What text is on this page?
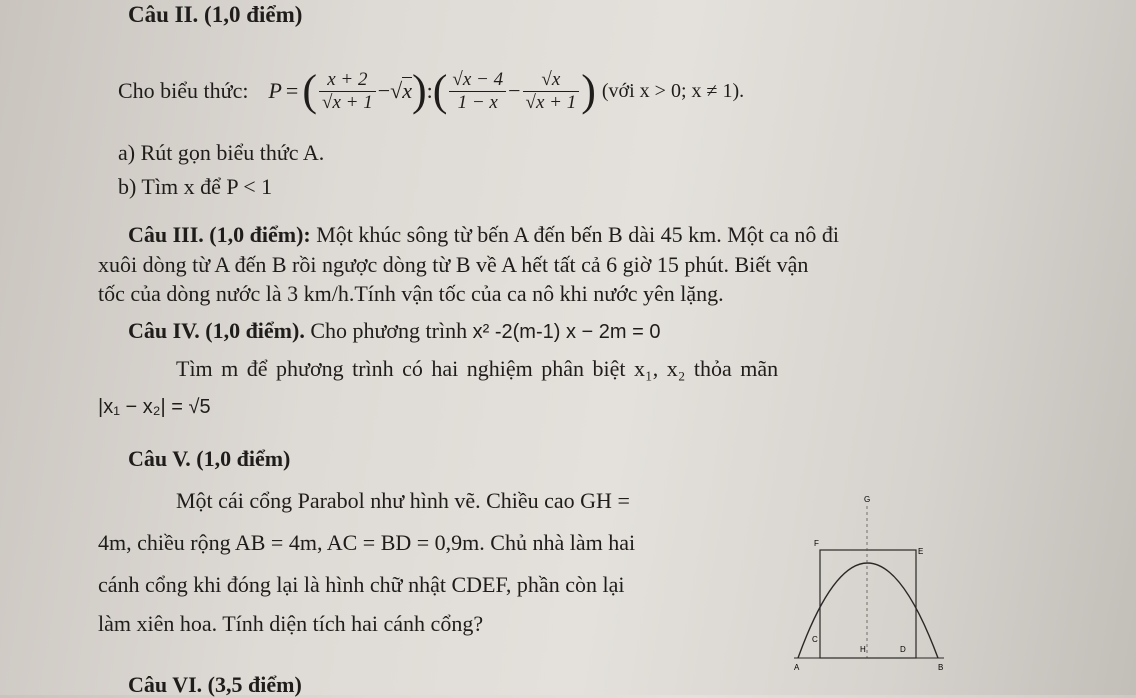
Câu II. (1,0 điểm)
Cho biểu thức: P = ( $\frac{x + 2}{√x + 1} -√x$ ) : ( $\frac{√x - 4}{1 - x} - \frac{√x}{√x + 1}$ ) (với x > 0; x ≠ 1).
a) Rút gọn biểu thức A.
b) Tìm x để P < 1
Câu III. (1,0 điểm): Một khúc sông từ bến A đến bến B dài 45 km. Một ca nô đi
xuôi dòng từ A đến B rồi ngược dòng từ B về A hết tất cả 6 giờ 15 phút. Biết vận
tốc của dòng nước là 3 km/h.Tính vận tốc của ca nô khi nước yên lặng.
Câu IV. (1,0 điểm). Cho phương trình x² -2(m-1) x − 2m = 0
Tìm m để phương trình có hai nghiệm phân biệt x₁, x₂ thỏa mãn
|x₁ − x₂| = √5
Câu V. (1,0 điểm)
Một cái cổng Parabol như hình vẽ. Chiều cao GH =
4m, chiều rộng AB = 4m, AC = BD = 0,9m. Chủ nhà làm hai
cánh cổng khi đóng lại là hình chữ nhật CDEF, phần còn lại
làm xiên hoa. Tính diện tích hai cánh cổng?
G
F
E
C
H	D
A	B
Câu VI. (3,5 điểm)
